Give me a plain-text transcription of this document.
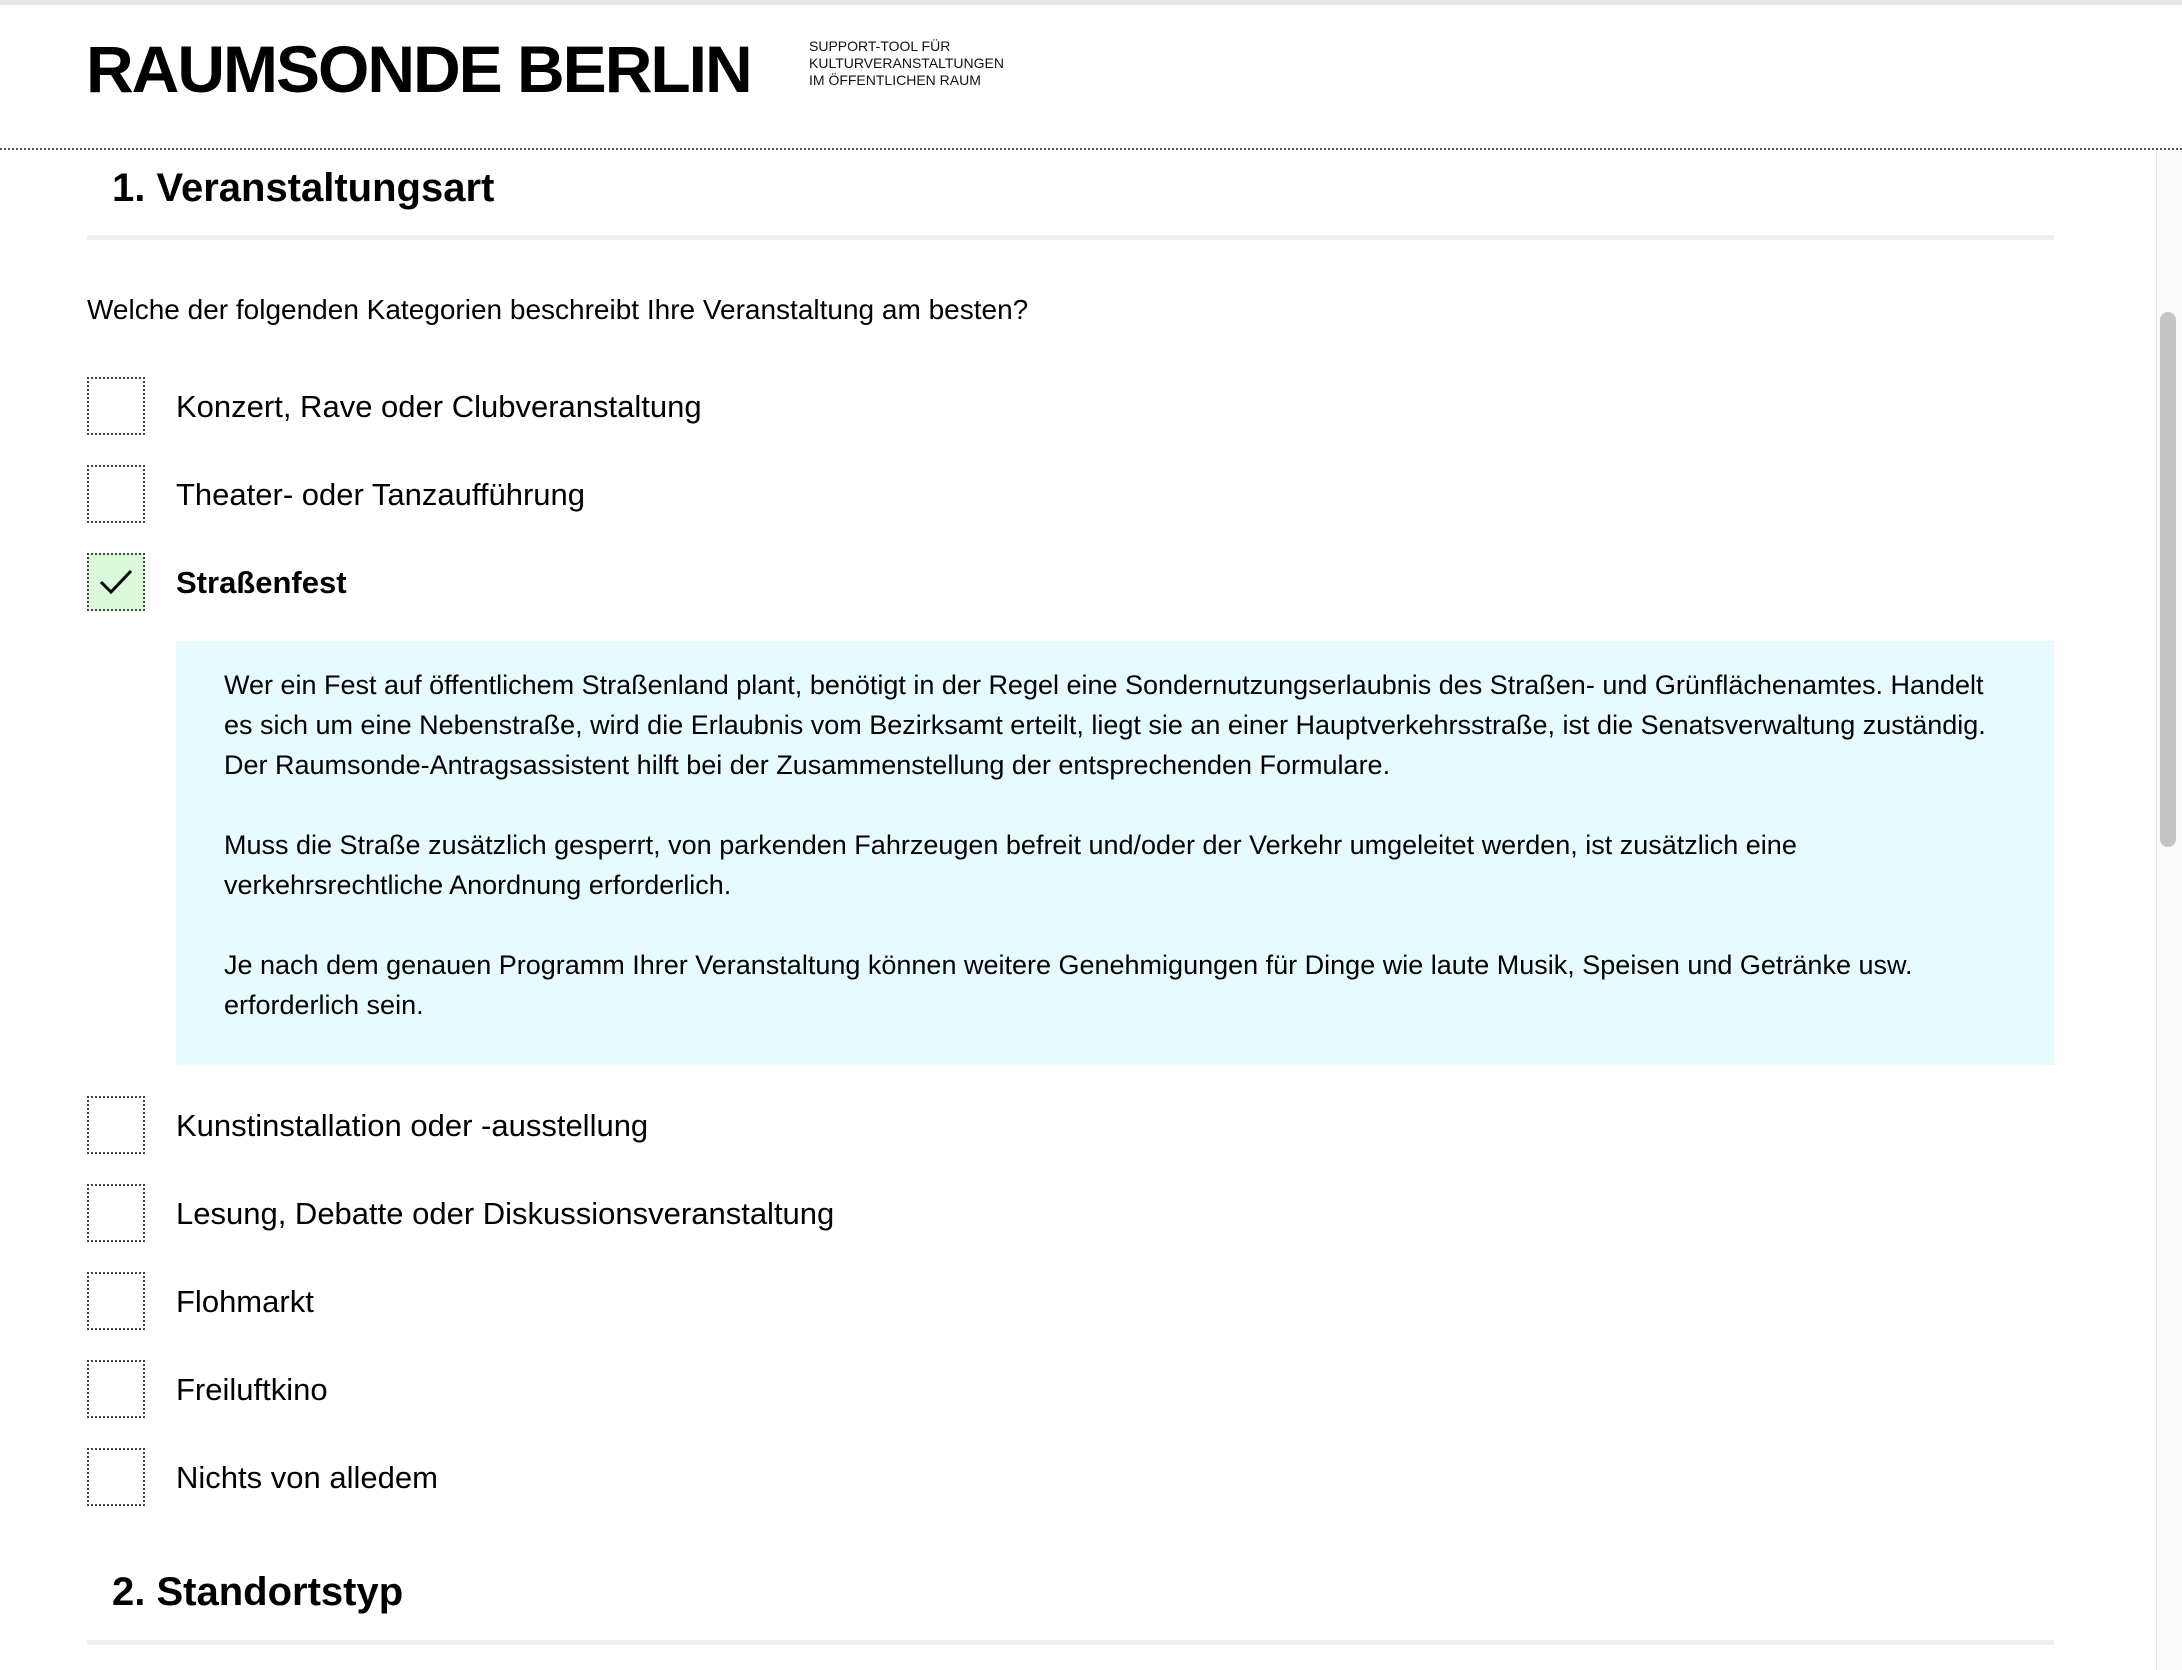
RAUMSONDE BERLIN	SUPPORT-TOOL FÜR
KULTURVERANSTALTUNGEN
IM ÖFFENTLICHEN RAUM
1. Veranstaltungsart
Welche der folgenden Kategorien beschreibt Ihre Veranstaltung am besten?
Konzert, Rave oder Clubveranstaltung
Theater- oder Tanzaufführung
Straßenfest

Wer ein Fest auf öffentlichem Straßenland plant, benötigt in der Regel eine Sondernutzungserlaubnis des Straßen- und Grünflächenamtes. Handelt es sich um eine Nebenstraße, wird die Erlaubnis vom Bezirksamt erteilt, liegt sie an einer Hauptverkehrsstraße, ist die Senatsverwaltung zuständig. Der Raumsonde-Antragsassistent hilft bei der Zusammenstellung der entsprechenden Formulare.

Muss die Straße zusätzlich gesperrt, von parkenden Fahrzeugen befreit und/oder der Verkehr umgeleitet werden, ist zusätzlich eine verkehrsrechtliche Anordnung erforderlich.

Je nach dem genauen Programm Ihrer Veranstaltung können weitere Genehmigungen für Dinge wie laute Musik, Speisen und Getränke usw. erforderlich sein.

Kunstinstallation oder -ausstellung
Lesung, Debatte oder Diskussionsveranstaltung
Flohmarkt
Freiluftkino
Nichts von alledem
2. Standortstyp
